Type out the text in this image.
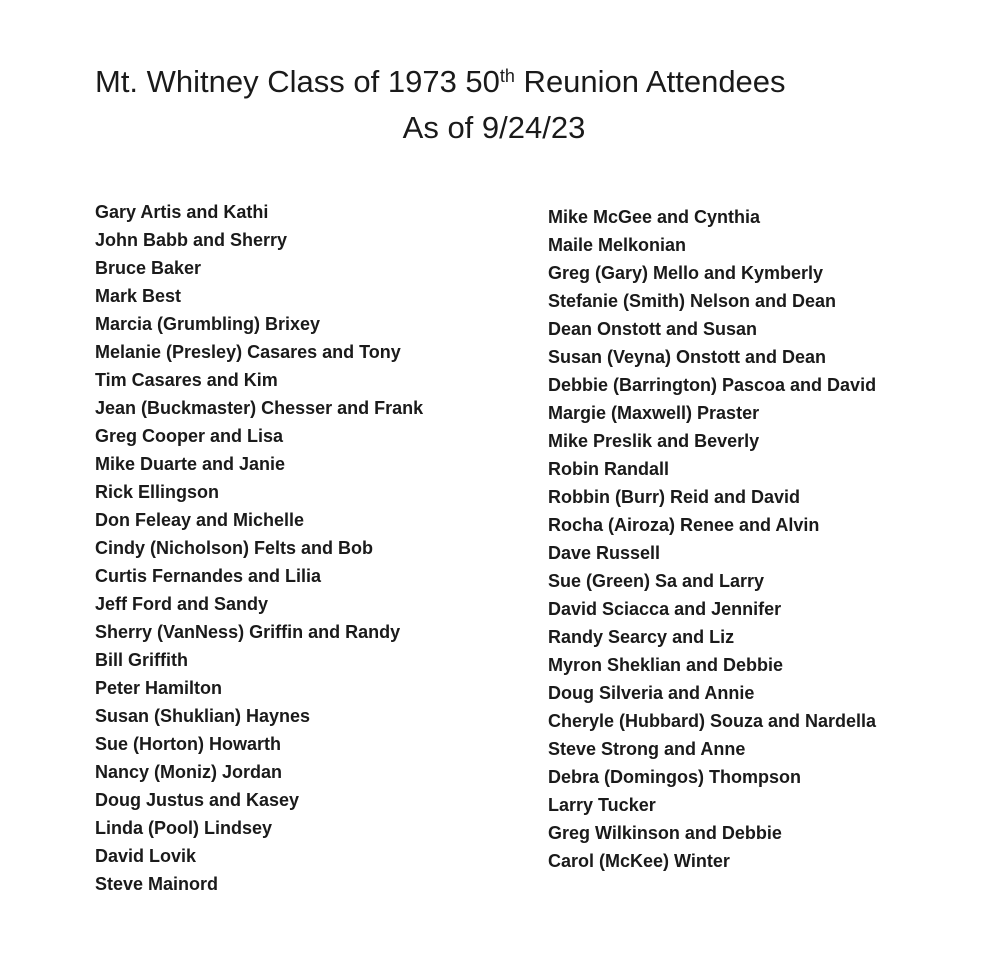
Mt. Whitney Class of 1973 50th Reunion Attendees
As of 9/24/23
Gary Artis and Kathi
John Babb and Sherry
Bruce Baker
Mark Best
Marcia (Grumbling) Brixey
Melanie (Presley) Casares and Tony
Tim Casares and Kim
Jean (Buckmaster) Chesser and Frank
Greg Cooper and Lisa
Mike Duarte and Janie
Rick Ellingson
Don Feleay and Michelle
Cindy (Nicholson) Felts and Bob
Curtis Fernandes and Lilia
Jeff Ford and Sandy
Sherry (VanNess) Griffin and Randy
Bill Griffith
Peter Hamilton
Susan (Shuklian) Haynes
Sue (Horton) Howarth
Nancy (Moniz) Jordan
Doug Justus and Kasey
Linda (Pool) Lindsey
David Lovik
Steve Mainord
Mike McGee and Cynthia
Maile Melkonian
Greg (Gary) Mello and Kymberly
Stefanie (Smith) Nelson and Dean
Dean Onstott and Susan
Susan (Veyna) Onstott and Dean
Debbie (Barrington) Pascoa and David
Margie (Maxwell) Praster
Mike Preslik and Beverly
Robin Randall
Robbin (Burr) Reid and David
Rocha (Airoza) Renee and Alvin
Dave Russell
Sue (Green) Sa and Larry
David Sciacca and Jennifer
Randy Searcy and Liz
Myron Sheklian and Debbie
Doug Silveria and Annie
Cheryle (Hubbard) Souza and Nardella
Steve Strong and Anne
Debra (Domingos) Thompson
Larry Tucker
Greg Wilkinson and Debbie
Carol (McKee) Winter
